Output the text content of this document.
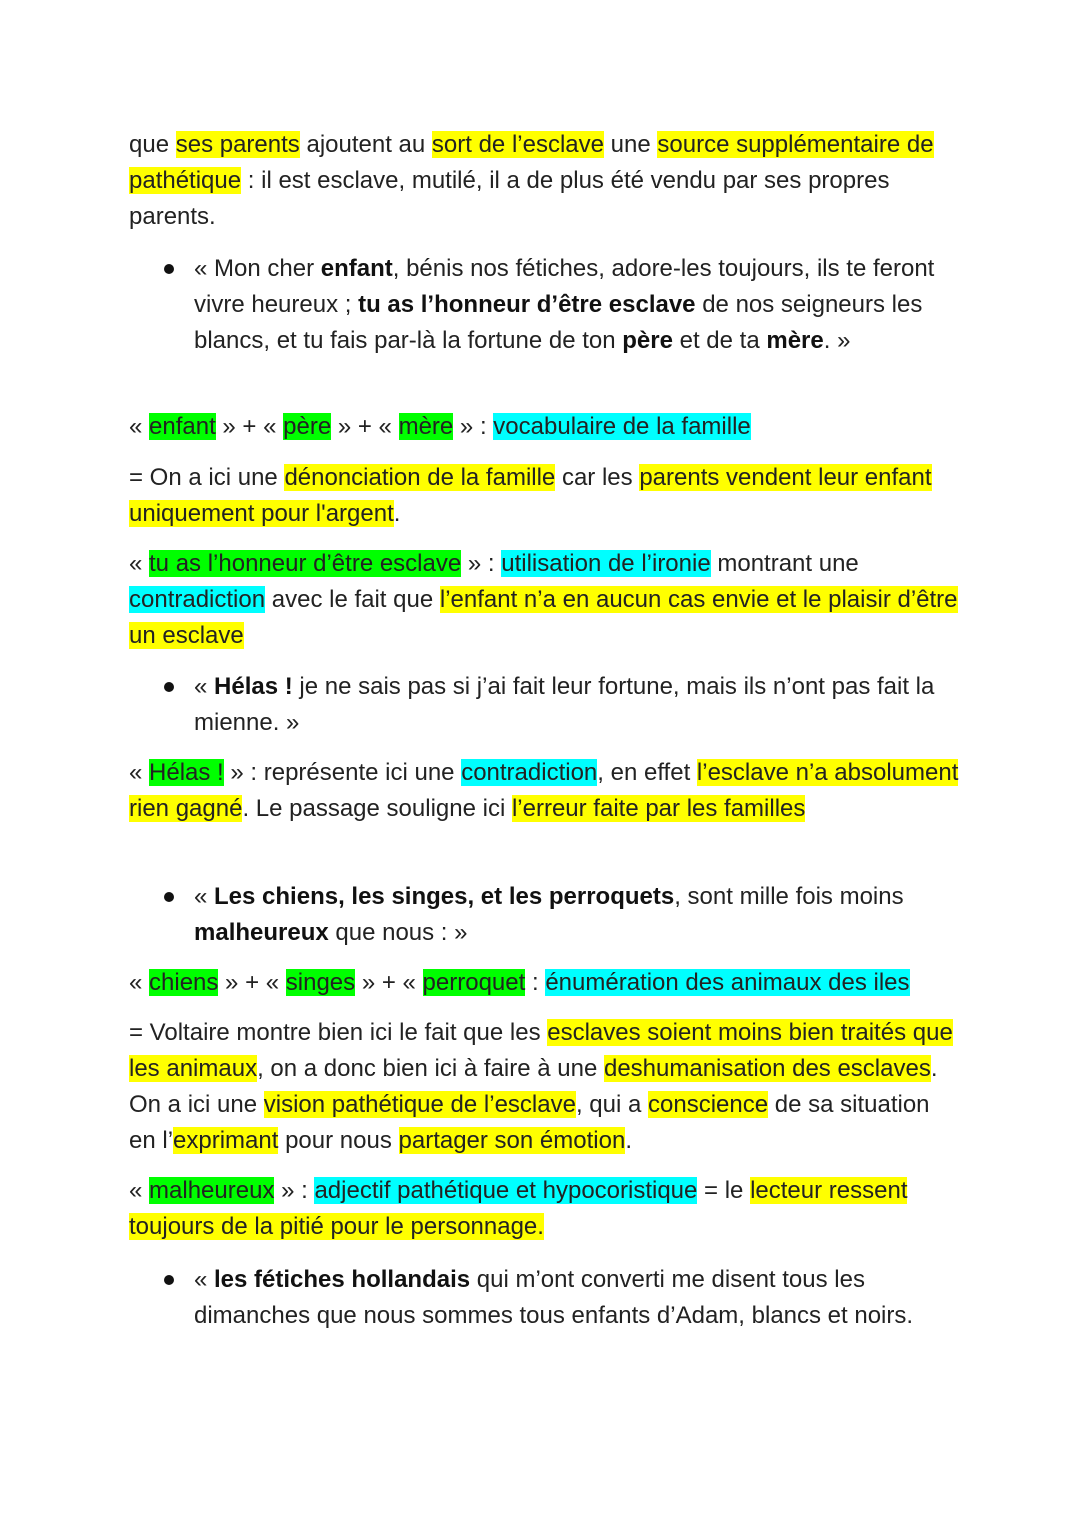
que ses parents ajoutent au sort de l’esclave une source supplémentaire de pathétique : il est esclave, mutilé, il a de plus été vendu par ses propres parents.

« Mon cher enfant, bénis nos fétiches, adore-les toujours, ils te feront vivre heureux ; tu as l’honneur d’être esclave de nos seigneurs les blancs, et tu fais par-là la fortune de ton père et de ta mère. »

« enfant » + « père » + « mère » : vocabulaire de la famille

= On a ici une dénonciation de la famille car les parents vendent leur enfant uniquement pour l'argent.

« tu as l’honneur d’être esclave » : utilisation de l’ironie montrant une contradiction avec le fait que l’enfant n’a en aucun cas envie et le plaisir d’être un esclave

« Hélas ! je ne sais pas si j’ai fait leur fortune, mais ils n’ont pas fait la mienne. »

« Hélas ! » : représente ici une contradiction, en effet l’esclave n’a absolument rien gagné. Le passage souligne ici l’erreur faite par les familles

« Les chiens, les singes, et les perroquets, sont mille fois moins malheureux que nous : »

« chiens » + « singes » + « perroquet : énumération des animaux des iles

= Voltaire montre bien ici le fait que les esclaves soient moins bien traités que les animaux, on a donc bien ici à faire à une deshumanisation des esclaves. On a ici une vision pathétique de l’esclave, qui a conscience de sa situation en l’exprimant pour nous partager son émotion.

« malheureux » : adjectif pathétique et hypocoristique = le lecteur ressent toujours de la pitié pour le personnage.

« les fétiches hollandais qui m’ont converti me disent tous les dimanches que nous sommes tous enfants d’Adam, blancs et noirs.
